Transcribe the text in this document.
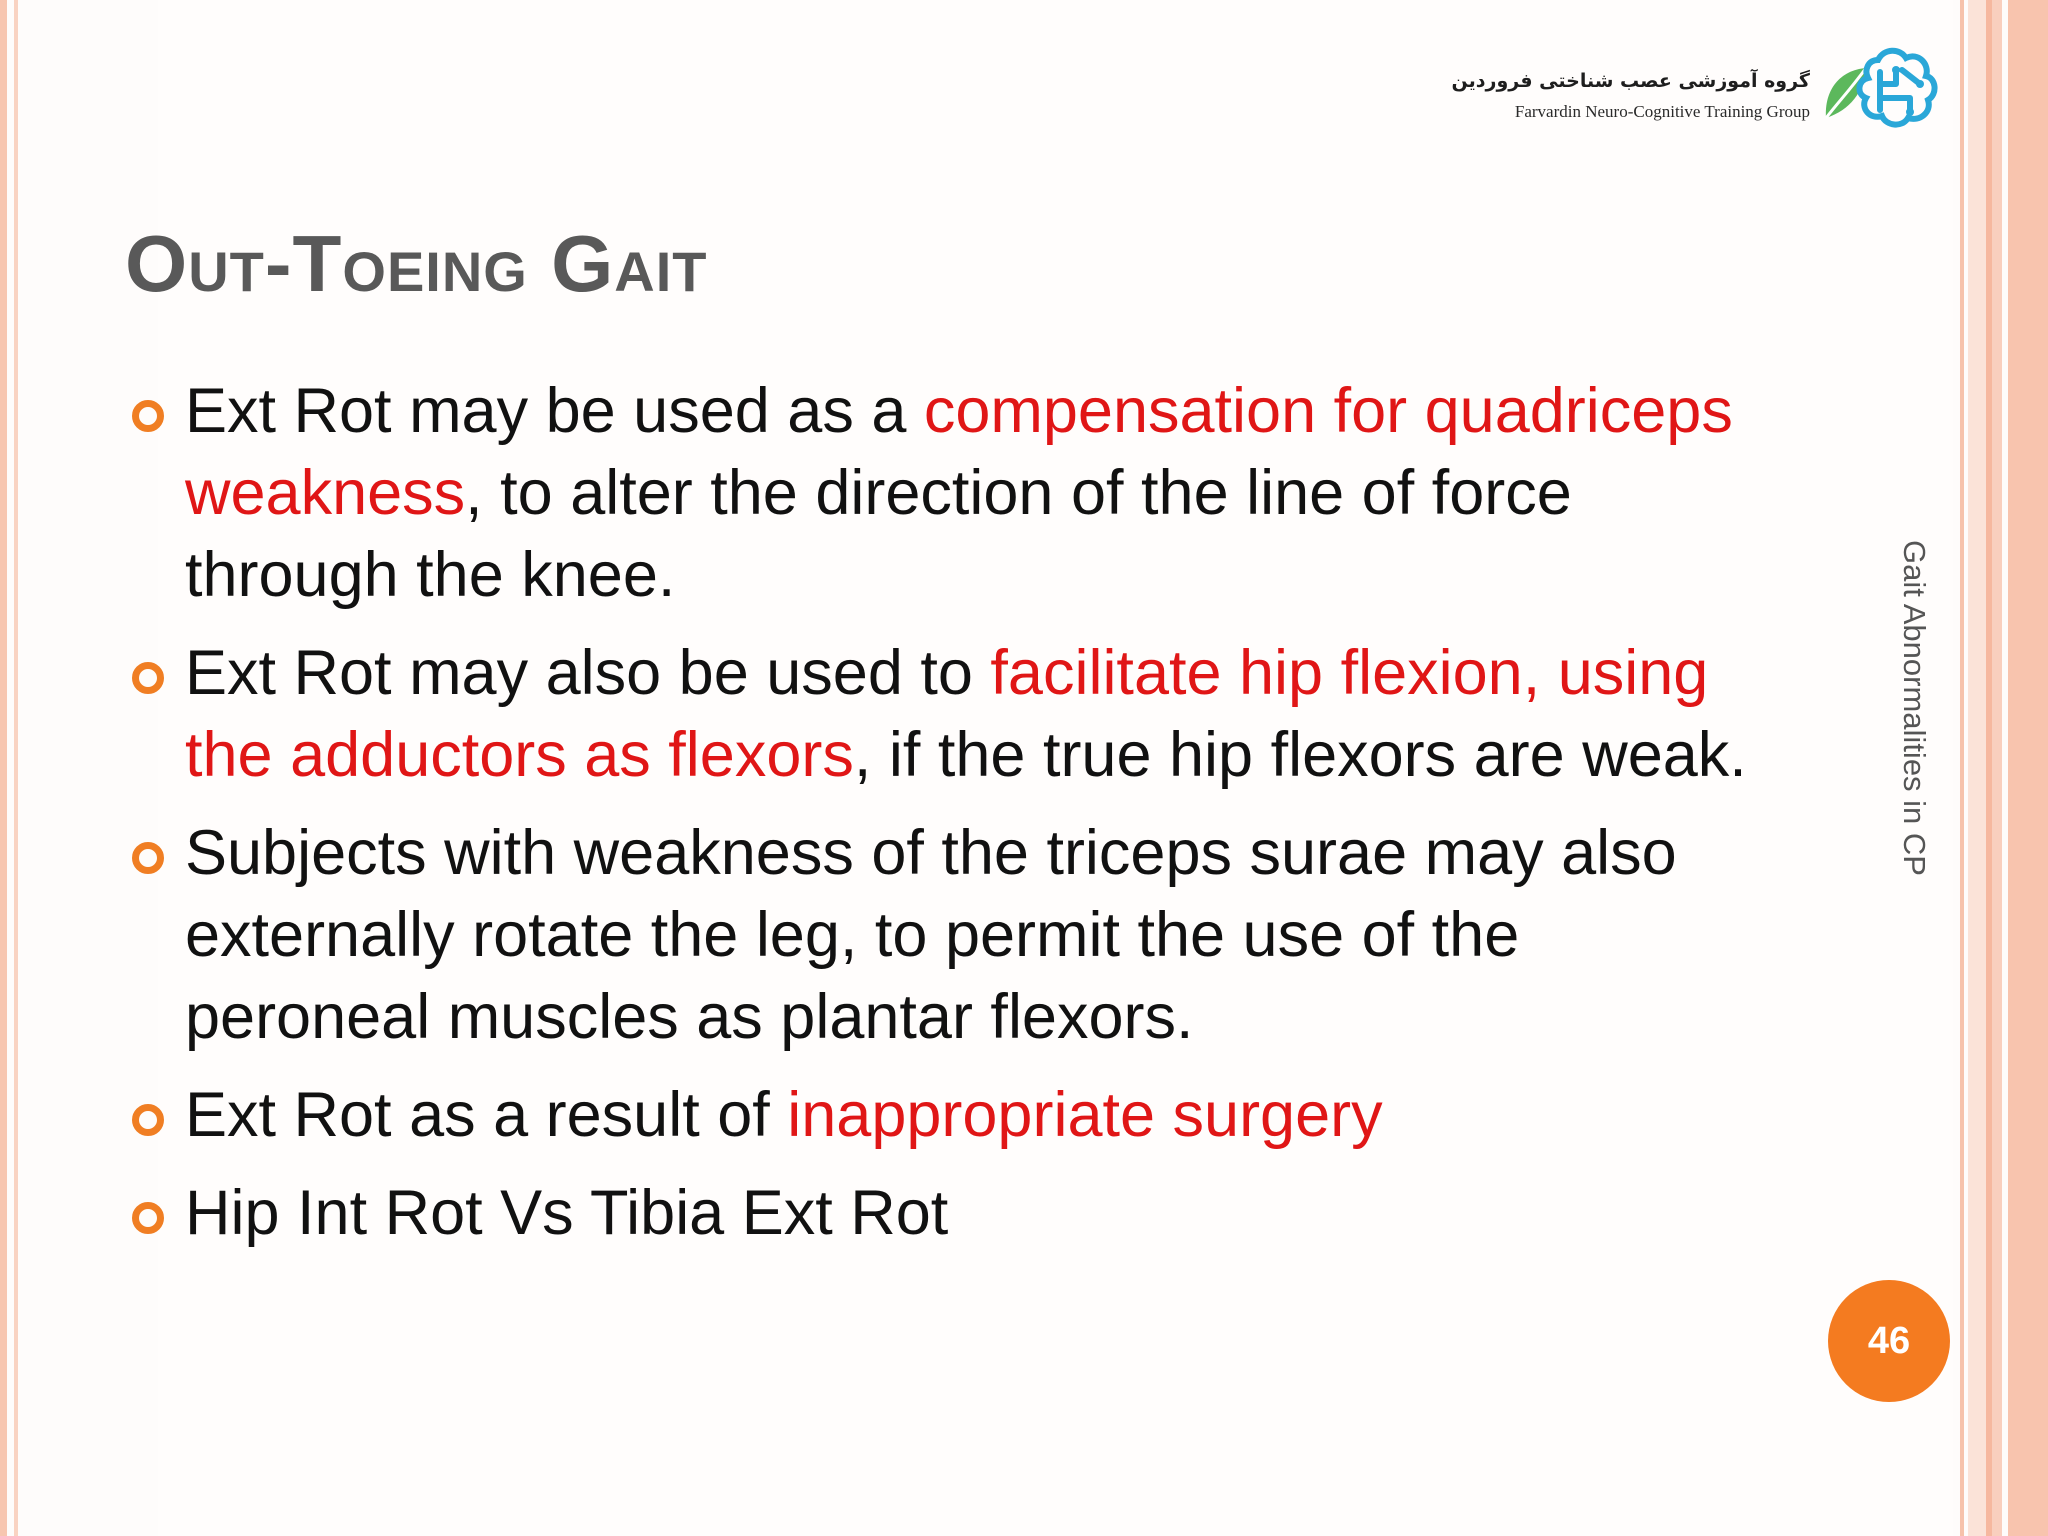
گروه آموزشی عصب شناختی فروردین
Farvardin Neuro-Cognitive Training Group
Out-Toeing Gait
Ext Rot may be used as a compensation for quadriceps weakness, to alter the direction of the line of force through the knee.
Ext Rot may also be used to facilitate hip flexion, using the adductors as flexors, if the true hip flexors are weak.
Subjects with weakness of the triceps surae may also externally rotate the leg, to permit the use of the peroneal muscles as plantar flexors.
Ext Rot as a result of inappropriate surgery
Hip Int Rot Vs Tibia Ext Rot
Gait Abnormalities in CP
46
